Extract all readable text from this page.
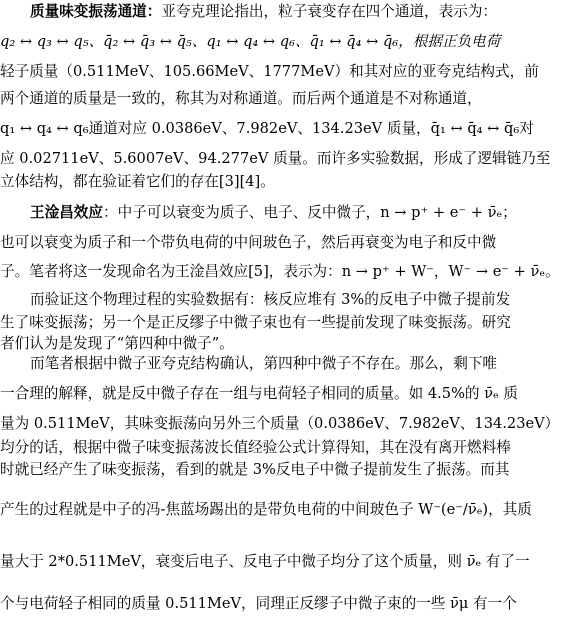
质量味变振荡通道：亚夸克理论指出，粒子衰变存在四个通道，表示为：
q₂ ↔ q₃ ↔ q₅、q̄₂ ↔ q̄₃ ↔ q̄₅、q₁ ↔ q₄ ↔ q₆、q̄₁ ↔ q̄₄ ↔ q̄₆，根据正负电荷
轻子质量（0.511MeV、105.66MeV、1777MeV）和其对应的亚夸克结构式，前
两个通道的质量是一致的，称其为对称通道。而后两个通道是不对称通道，
q₁ ↔ q₄ ↔ q₆通道对应 0.0386eV、7.982eV、134.23eV 质量，q̄₁ ↔ q̄₄ ↔ q̄₆对
应 0.02711eV、5.6007eV、94.277eV 质量。而许多实验数据，形成了逻辑链乃至
立体结构，都在验证着它们的存在[3][4]。
王淦昌效应：中子可以衰变为质子、电子、反中微子，n → p⁺ + e⁻ + ν̄ₑ；
也可以衰变为质子和一个带负电荷的中间玻色子，然后再衰变为电子和反中微
子。笔者将这一发现命名为王淦昌效应[5]，表示为：n → p⁺ + W⁻，W⁻ → e⁻ + ν̄ₑ。
而验证这个物理过程的实验数据有：核反应堆有 3%的反电子中微子提前发
生了味变振荡；另一个是正反缪子中微子束也有一些提前发现了味变振荡。研究
者们认为是发现了“第四种中微子”。
而笔者根据中微子亚夸克结构确认，第四种中微子不存在。那么，剩下唯
一合理的解释，就是反中微子存在一组与电荷轻子相同的质量。如 4.5%的 ν̄ₑ 质
量为 0.511MeV，其味变振荡向另外三个质量（0.0386eV、7.982eV、134.23eV）
均分的话，根据中微子味变振荡波长值经验公式计算得知，其在没有离开燃料棒
时就已经产生了味变振荡，看到的就是 3%反电子中微子提前发生了振荡。而其
产生的过程就是中子的冯-焦蓝场踢出的是带负电荷的中间玻色子 W⁻(e⁻/ν̄ₑ)，其质
量大于 2*0.511MeV，衰变后电子、反电子中微子均分了这个质量，则 ν̄ₑ 有了一
个与电荷轻子相同的质量 0.511MeV，同理正反缪子中微子束的一些 ν̄μ 有一个
